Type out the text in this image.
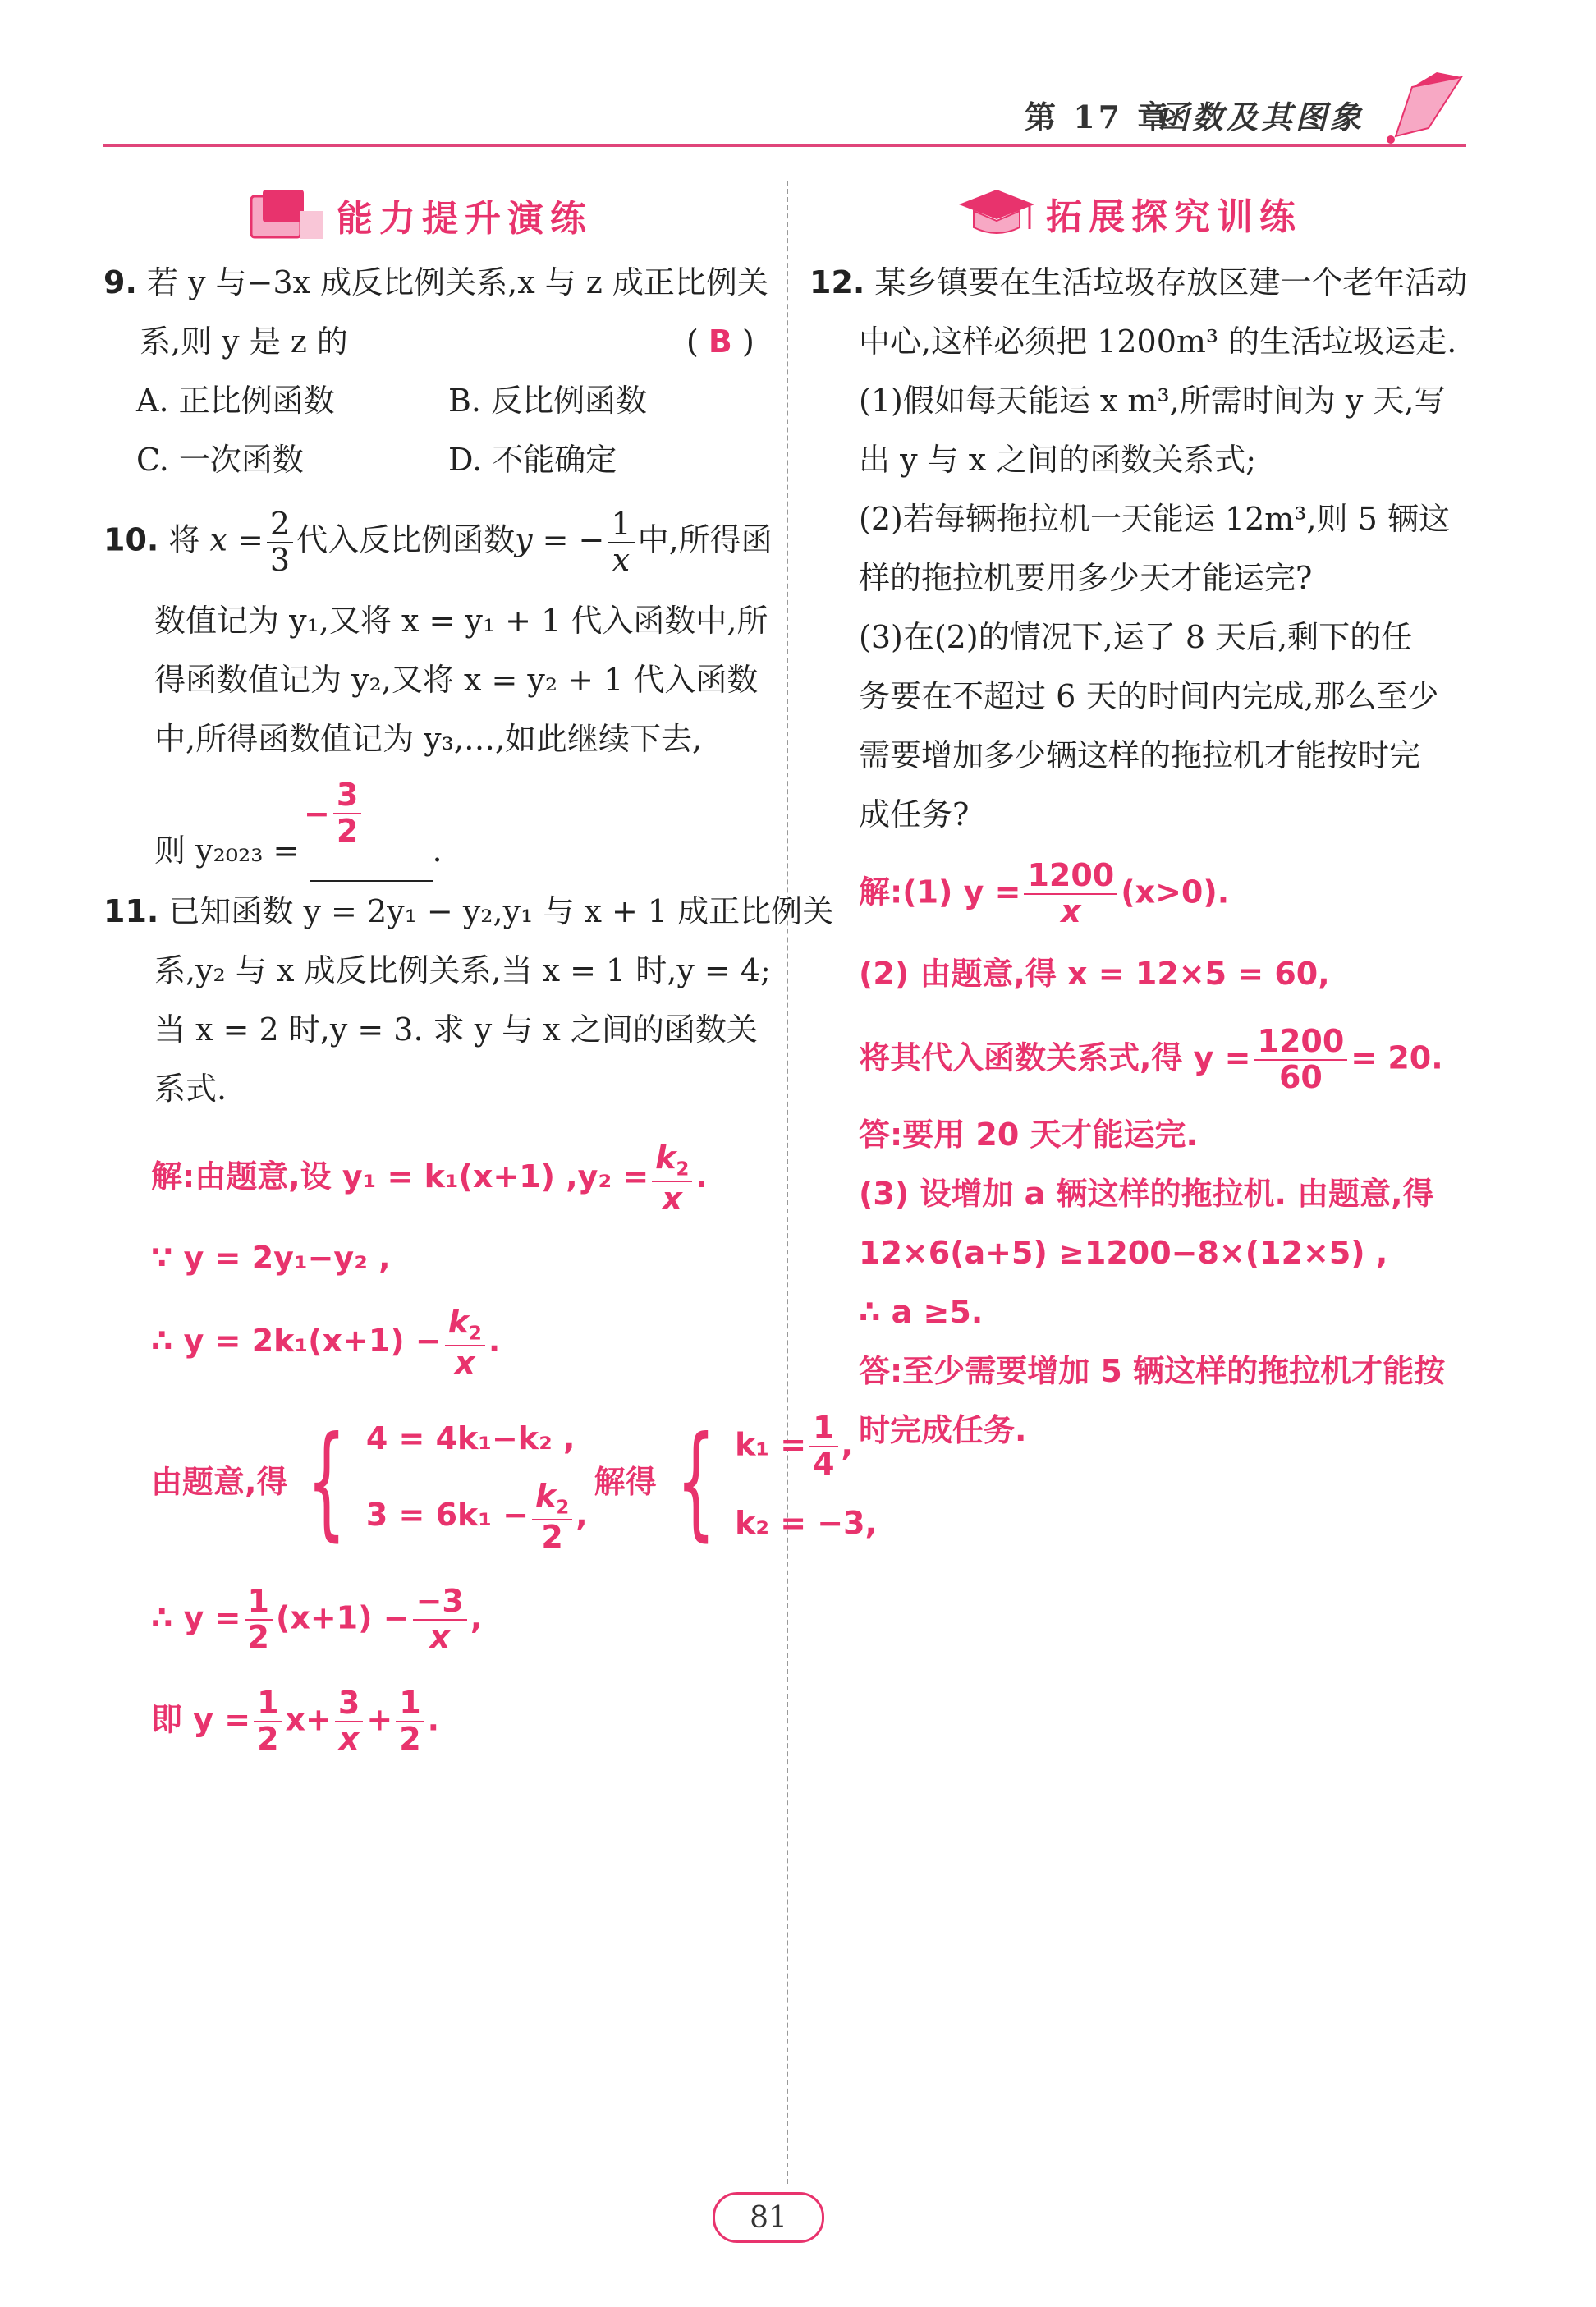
第 17 章
函数及其图象
能力提升演练
9. 若 y 与−3x 成反比例关系,x 与 z 成正比例关
系,则 y 是 z 的	( B )
A. 正比例函数	B. 反比例函数
C. 一次函数	D. 不能确定
10. 将 $x = \frac{2}{3}$ 代入反比例函数y = − $\frac{1}{x}$ 中,所得函
数值记为 y₁,又将 x = y₁ + 1 代入函数中,所
得函数值记为 y₂,又将 x = y₂ + 1 代入函数
中,所得函数值记为 y₃,…,如此继续下去,
则 y₂₀₂₃ =	.
− $\frac{3}{2}$
11. 已知函数 y = 2y₁ − y₂,y₁ 与 x + 1 成正比例关
系,y₂ 与 x 成反比例关系,当 x = 1 时,y = 4;
当 x = 2 时,y = 3. 求 y 与 x 之间的函数关
系式.
解:由题意,设 y₁ = k₁(x+1) $,y_2 = \frac{k_2}{x}$ .
∵ y = 2y₁−y₂ ,
∴ $y = 2k_1(x+1) - \frac{k_2}{x}$ .
由题意,得 { 4 = 4k₁−k₂ ,
$3 = 6k_1 - \frac{k_2}{2}$ ,
解得 { $k_1 = \frac{1}{4}$ ,
k₂ = −3,
∴ $y = \frac{1}{2} (x+1) - \frac{-3}{x}$ ,
即 $y = \frac{1}{2} x+ \frac{3}{x} + \frac{1}{2}$ .
拓展探究训练
12. 某乡镇要在生活垃圾存放区建一个老年活动
中心,这样必须把 1200m³ 的生活垃圾运走.
(1)假如每天能运 x m³,所需时间为 y 天,写
出 y 与 x 之间的函数关系式;
(2)若每辆拖拉机一天能运 12m³,则 5 辆这
样的拖拉机要用多少天才能运完?
(3)在(2)的情况下,运了 8 天后,剩下的任
务要在不超过 6 天的时间内完成,那么至少
需要增加多少辆这样的拖拉机才能按时完
成任务?
解:(1) $y = \frac{1200}{x} (x>0)$.
(2) 由题意,得 x = 12×5 = 60,
将其代入函数关系式,得 $y = \frac{1200}{60} = 20$.
答:要用 20 天才能运完.
(3) 设增加 a 辆这样的拖拉机. 由题意,得
12×6(a+5) ≥1200−8×(12×5) ,
∴ a ≥5.
答:至少需要增加 5 辆这样的拖拉机才能按
时完成任务.
81
